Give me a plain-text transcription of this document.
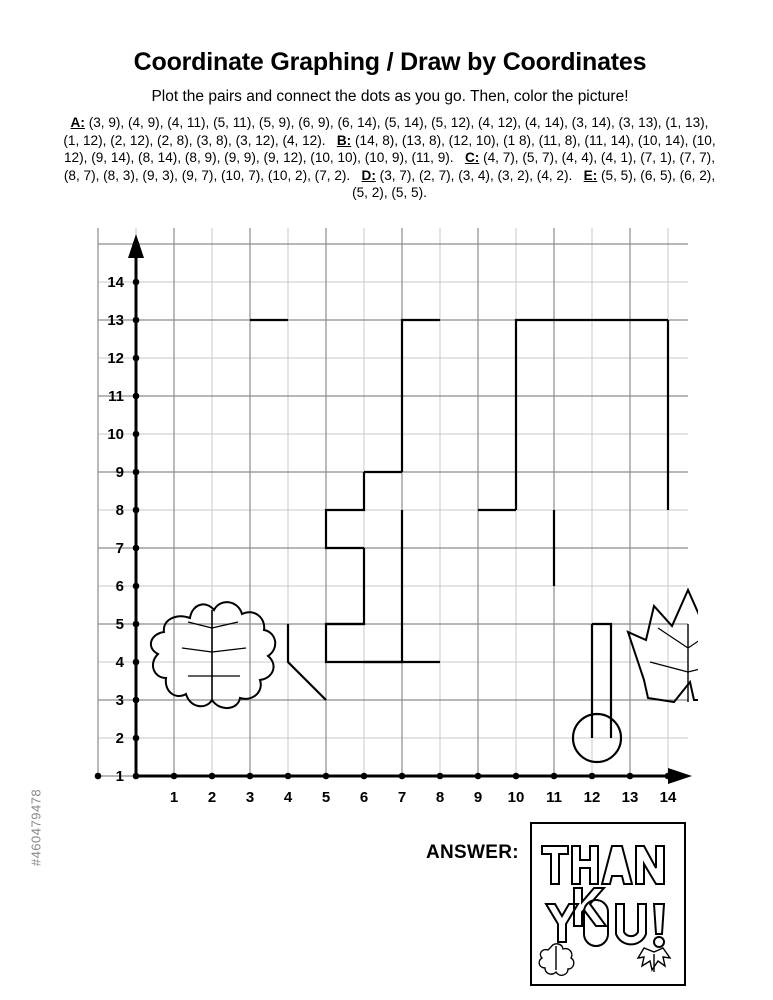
#460479478
Coordinate Graphing / Draw by Coordinates
Plot the pairs and connect the dots as you go. Then, color the picture!
A: (3, 9), (4, 9), (4, 11), (5, 11), (5, 9), (6, 9), (6, 14), (5, 14), (5, 12), (4, 12), (4, 14), (3, 14), (3, 13), (1, 13), (1, 12), (2, 12), (2, 8), (3, 8), (3, 12), (4, 12). B: (14, 8), (13, 8), (12, 10), (1 8), (11, 8), (11, 14), (10, 14), (10, 12), (9, 14), (8, 14), (8, 9), (9, 9), (9, 12), (10, 10), (10, 9), (11, 9). C: (4, 7), (5, 7), (4, 4), (4, 1), (7, 1), (7, 7), (8, 7), (8, 3), (9, 3), (9, 7), (10, 7), (10, 2), (7, 2). D: (3, 7), (2, 7), (3, 4), (3, 2), (4, 2). E: (5, 5), (6, 5), (6, 2), (5, 2), (5, 5).
1
2
3
4
5
6
7
8
9
10
11
12
13
14
1 2 3 4 5 6 7 8 9 10 11 12 13 14
ANSWER:
THANK
